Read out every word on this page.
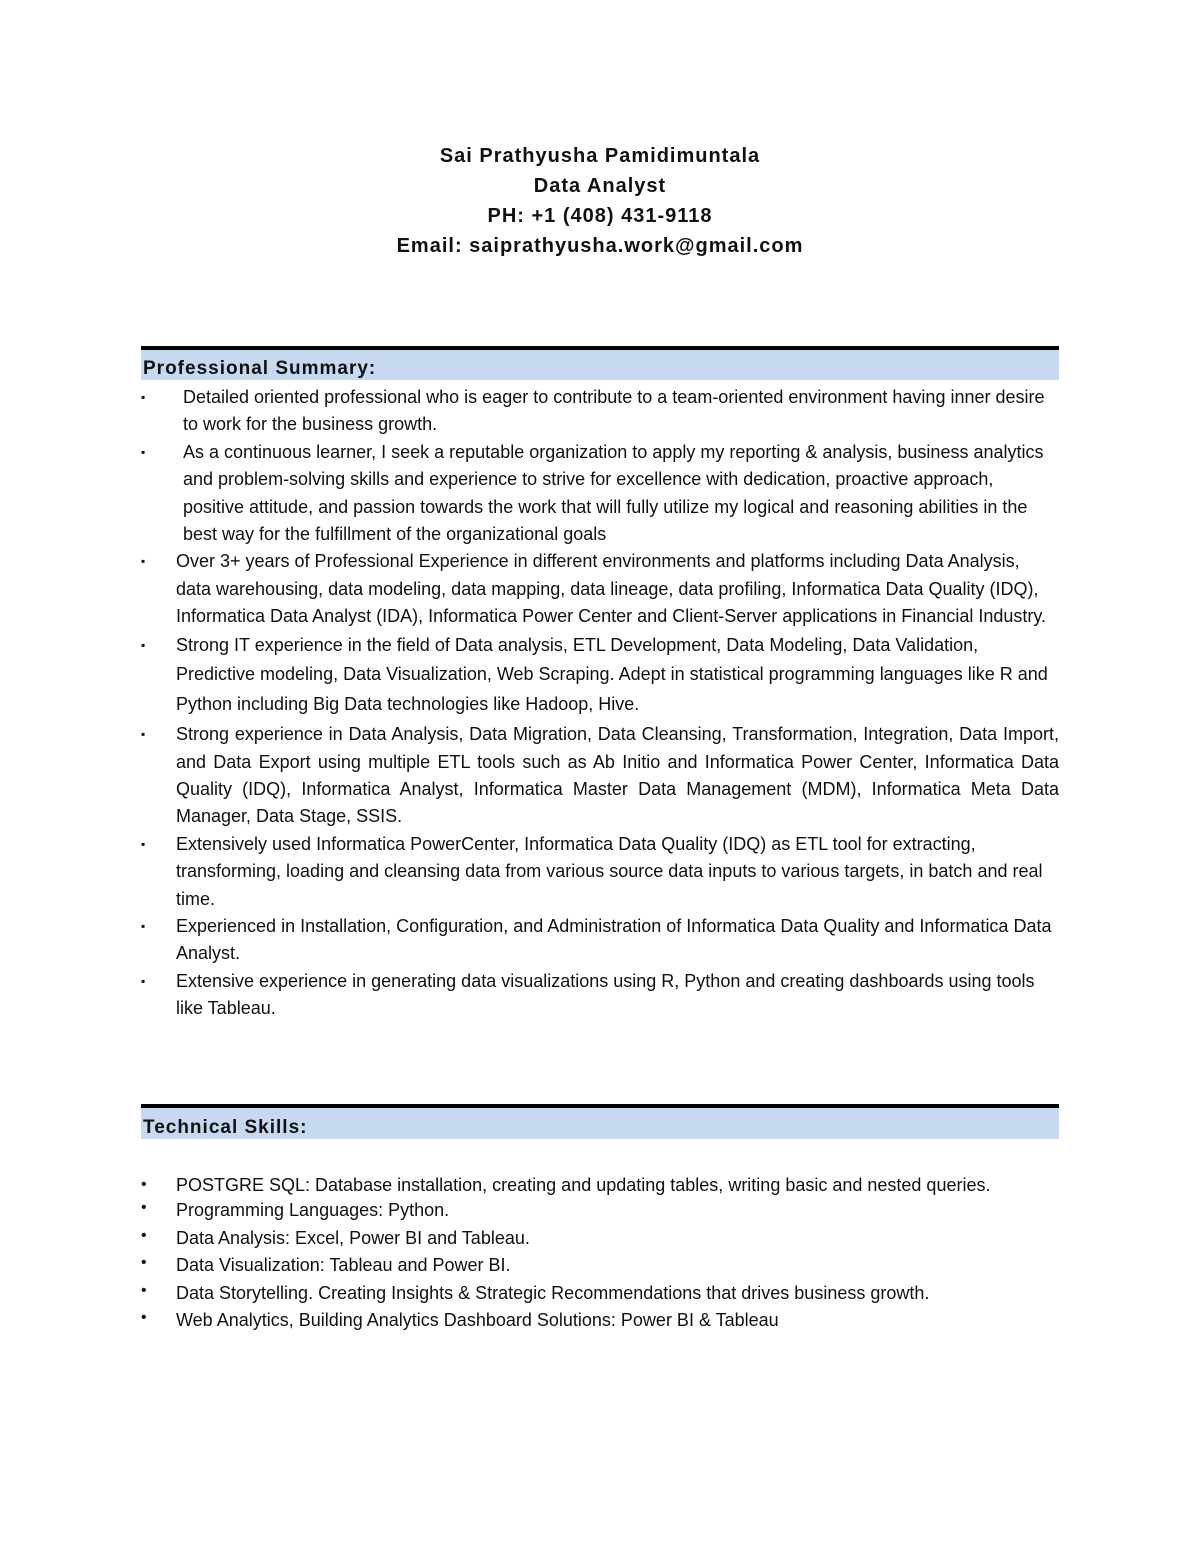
Sai Prathyusha Pamidimuntala
Data Analyst
PH: +1 (408) 431-9118
Email: saiprathyusha.work@gmail.com
Professional Summary:
▪	Detailed oriented professional who is eager to contribute to a team-oriented environment having inner desire to work for the business growth.
▪	As a continuous learner, I seek a reputable organization to apply my reporting & analysis, business analytics and problem-solving skills and experience to strive for excellence with dedication, proactive approach, positive attitude, and passion towards the work that will fully utilize my logical and reasoning abilities in the best way for the fulfillment of the organizational goals
▪	Over 3+ years of Professional Experience in different environments and platforms including Data Analysis, data warehousing, data modeling, data mapping, data lineage, data profiling, Informatica Data Quality (IDQ), Informatica Data Analyst (IDA), Informatica Power Center and Client-Server applications in Financial Industry.
▪	Strong IT experience in the field of Data analysis, ETL Development, Data Modeling, Data Validation, Predictive modeling, Data Visualization, Web Scraping. Adept in statistical programming languages like R and Python including Big Data technologies like Hadoop, Hive.
▪	Strong experience in Data Analysis, Data Migration, Data Cleansing, Transformation, Integration, Data Import, and Data Export using multiple ETL tools such as Ab Initio and Informatica Power Center, Informatica Data Quality (IDQ), Informatica Analyst, Informatica Master Data Management (MDM), Informatica Meta Data Manager, Data Stage, SSIS.
▪	Extensively used Informatica PowerCenter, Informatica Data Quality (IDQ) as ETL tool for extracting, transforming, loading and cleansing data from various source data inputs to various targets, in batch and real time.
▪	Experienced in Installation, Configuration, and Administration of Informatica Data Quality and Informatica Data Analyst.
▪	Extensive experience in generating data visualizations using R, Python and creating dashboards using tools like Tableau.
Technical Skills:
•	POSTGRE SQL: Database installation, creating and updating tables, writing basic and nested queries.
•	Programming Languages: Python.
•	Data Analysis: Excel, Power BI and Tableau.
•	Data Visualization: Tableau and Power BI.
•	Data Storytelling. Creating Insights & Strategic Recommendations that drives business growth.
•	Web Analytics, Building Analytics Dashboard Solutions: Power BI & Tableau
